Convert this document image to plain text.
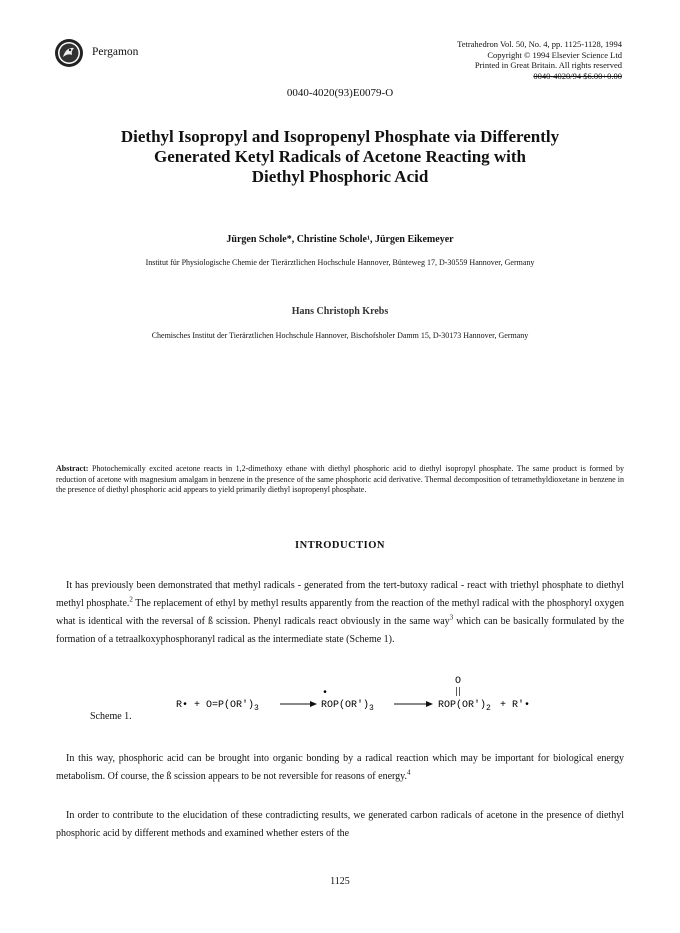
Pergamon
Tetrahedron Vol. 50, No. 4, pp. 1125-1128, 1994
Copyright © 1994 Elsevier Science Ltd
Printed in Great Britain. All rights reserved
0040-4020/94 $6.00+0.00
0040-4020(93)E0079-O
Diethyl Isopropyl and Isopropenyl Phosphate via Differently
Generated Ketyl Radicals of Acetone Reacting with
Diethyl Phosphoric Acid
Jürgen Schole*, Christine Schole¹, Jürgen Eikemeyer
Institut für Physiologische Chemie der Tierärztlichen Hochschule Hannover, Bünteweg 17, D-30559 Hannover, Germany
Hans Christoph Krebs
Chemisches Institut der Tierärztlichen Hochschule Hannover, Bischofsholer Damm 15, D-30173 Hannover, Germany
Abstract: Photochemically excited acetone reacts in 1,2-dimethoxy ethane with diethyl phosphoric acid to diethyl isopropyl phosphate. The same product is formed by reduction of acetone with magnesium amalgam in benzene in the presence of the same phosphoric acid derivative. Thermal decomposition of tetramethyldioxetane in benzene in the presence of diethyl phosphoric acid appears to yield primarily diethyl isopropenyl phosphate.
INTRODUCTION
 It has previously been demonstrated that methyl radicals - generated from the tert-butoxy radical - react with triethyl phosphate to diethyl methyl phosphate.$^2$ The replacement of ethyl by methyl results apparently from the reaction of the methyl radical with the phosphoryl oxygen what is identical with the reversal of ß scission. Phenyl radicals react obviously in the same way$^3$ which can be basically formulated by the formation of a tetraalkoxyphosphoranyl radical as the intermediate state (Scheme 1).
R• + $O=P(OR')_3$
•
$ROP(OR')_3$
O
$ROP(OR')_2$ + R'•
Scheme 1.
 In this way, phosphoric acid can be brought into organic bonding by a radical reaction which may be important for biological energy metabolism. Of course, the ß scission appears to be not reversible for reasons of energy.$^4$
 In order to contribute to the elucidation of these contradicting results, we generated carbon radicals of acetone in the presence of diethyl phosphoric acid by different methods and examined whether esters of the
1125
